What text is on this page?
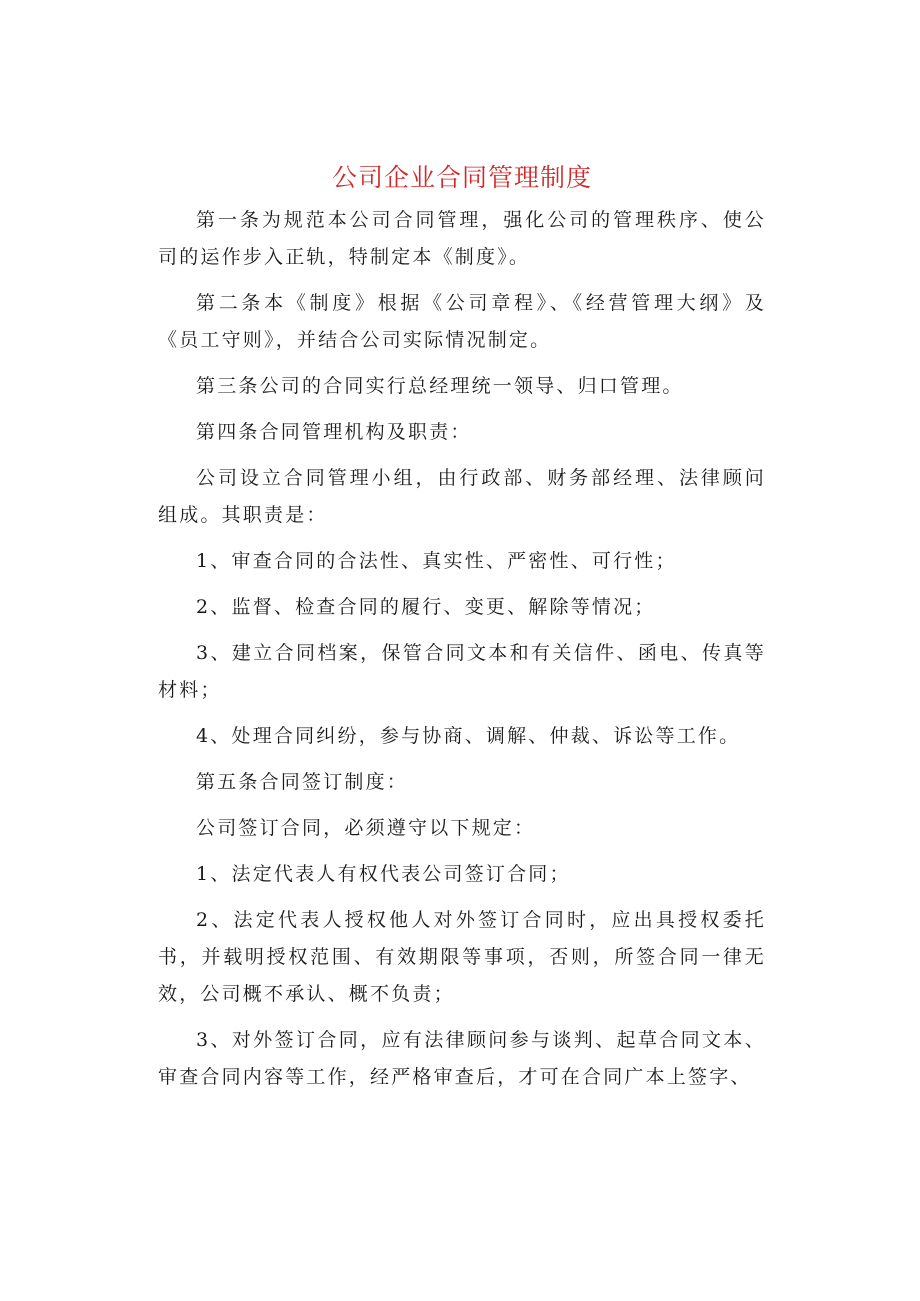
公司企业合同管理制度

第一条为规范本公司合同管理，强化公司的管理秩序、使公司的运作步入正轨，特制定本《制度》。

第二条本《制度》根据《公司章程》、《经营管理大纲》及《员工守则》，并结合公司实际情况制定。

第三条公司的合同实行总经理统一领导、归口管理。

第四条合同管理机构及职责：

公司设立合同管理小组，由行政部、财务部经理、法律顾问组成。其职责是：

1、审查合同的合法性、真实性、严密性、可行性；

2、监督、检查合同的履行、变更、解除等情况；

3、建立合同档案，保管合同文本和有关信件、函电、传真等材料；

4、处理合同纠纷，参与协商、调解、仲裁、诉讼等工作。

第五条合同签订制度：

公司签订合同，必须遵守以下规定：

1、法定代表人有权代表公司签订合同；

2、法定代表人授权他人对外签订合同时，应出具授权委托书，并载明授权范围、有效期限等事项，否则，所签合同一律无效，公司概不承认、概不负责；

3、对外签订合同，应有法律顾问参与谈判、起草合同文本、审查合同内容等工作，经严格审查后，才可在合同广本上签字、
